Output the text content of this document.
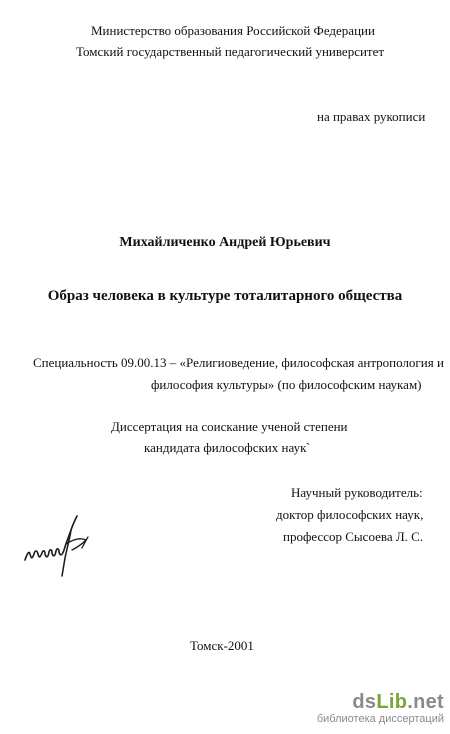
Министерство образования Российской Федерации
Томский государственный педагогический университет
на правах рукописи
Михайличенко Андрей Юрьевич
Образ человека в культуре тоталитарного общества
Специальность 09.00.13 – «Религиоведение, философская антропология и
философия культуры» (по философским наукам)
Диссертация на соискание ученой степени
кандидата философских наук `
Научный руководитель:
доктор философских наук,
профессор Сысоева Л. С.
Томск-2001
dsLib.net
библиотека диссертаций
